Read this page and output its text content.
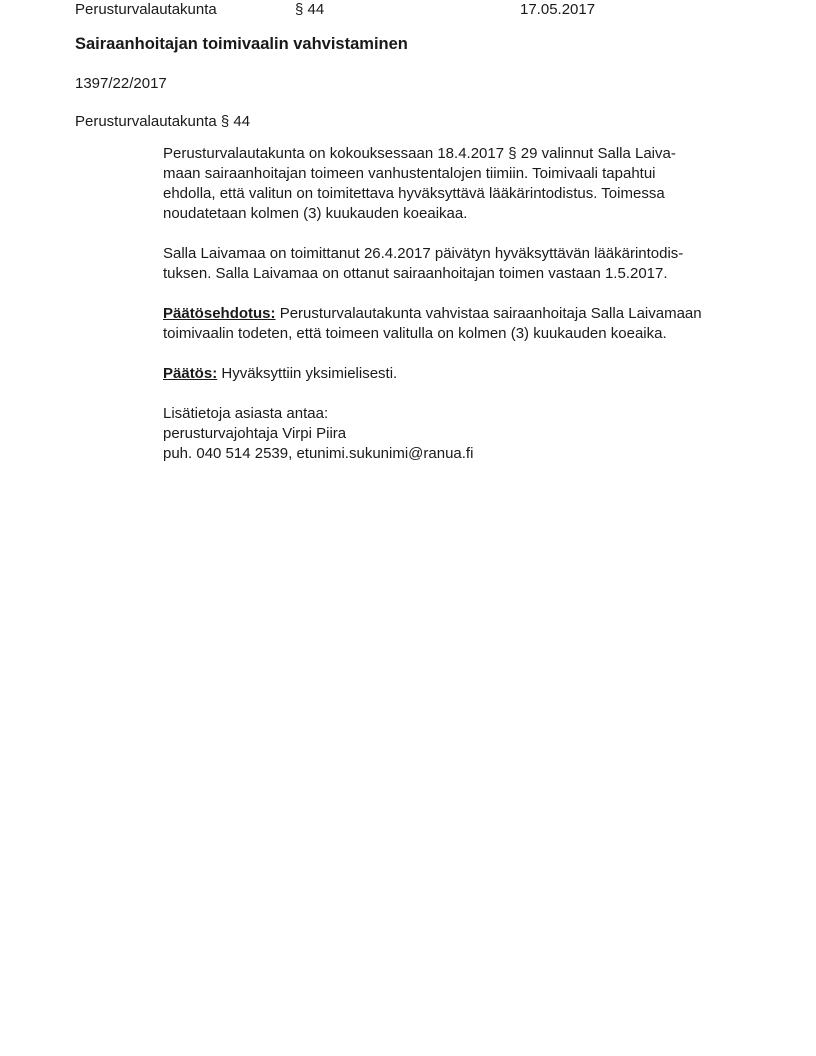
Perusturvalautakunta	§ 44	17.05.2017
Sairaanhoitajan toimivaalin vahvistaminen
1397/22/2017
Perusturvalautakunta § 44

Perusturvalautakunta on kokouksessaan 18.4.2017 § 29 valinnut Salla Laiva-
maan sairaanhoitajan toimeen vanhustentalojen tiimiin. Toimivaali tapahtui
ehdolla, että valitun on toimitettava hyväksyttävä lääkärintodistus. Toimessa
noudatetaan kolmen (3) kuukauden koeaikaa.

Salla Laivamaa on toimittanut 26.4.2017 päivätyn hyväksyttävän lääkärintodis-
tuksen. Salla Laivamaa on ottanut sairaanhoitajan toimen vastaan 1.5.2017.

Päätösehdotus: Perusturvalautakunta vahvistaa sairaanhoitaja Salla Laivamaan
toimivaalin todeten, että toimeen valitulla on kolmen (3) kuukauden koeaika.

Päätös: Hyväksyttiin yksimielisesti.

Lisätietoja asiasta antaa:
perusturvajohtaja Virpi Piira
puh. 040 514 2539, etunimi.sukunimi@ranua.fi
